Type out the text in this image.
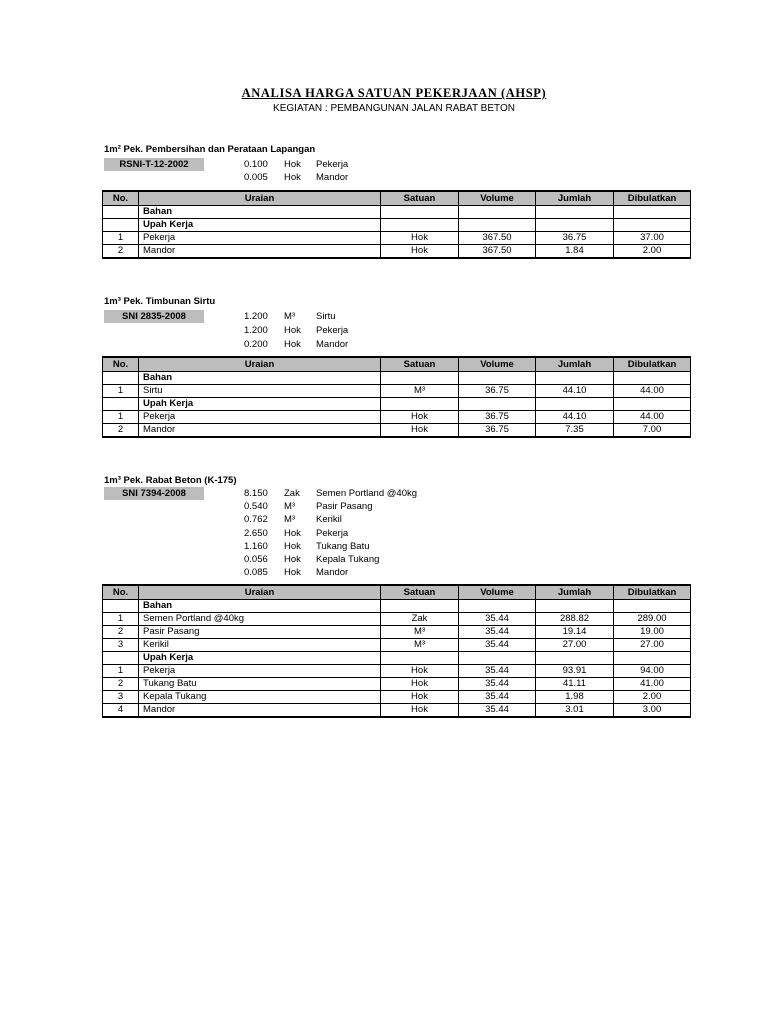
ANALISA HARGA SATUAN PEKERJAAN (AHSP)
KEGIATAN : PEMBANGUNAN JALAN RABAT BETON
1m² Pek. Pembersihan dan Perataan Lapangan
RSNI-T-12-2002	0.100	Hok	Pekerja
0.005	Hok	Mandor
No.	Uraian	Satuan	Volume	Jumlah	Dibulatkan
	Bahan				
	Upah Kerja				
1	Pekerja	Hok	367.50	36.75	37.00
2	Mandor	Hok	367.50	1.84	2.00
1m³ Pek. Timbunan Sirtu
SNI 2835-2008	1.200	M³	Sirtu
1.200	Hok	Pekerja
0.200	Hok	Mandor
No.	Uraian	Satuan	Volume	Jumlah	Dibulatkan
	Bahan				
1	Sirtu	M³	36.75	44.10	44.00
	Upah Kerja				
1	Pekerja	Hok	36.75	44.10	44.00
2	Mandor	Hok	36.75	7.35	7.00
1m³ Pek. Rabat Beton (K-175)
SNI 7394-2008	8.150	Zak	Semen Portland @40kg
0.540	M³	Pasir Pasang
0.762	M³	Kerikil
2.650	Hok	Pekerja
1.160	Hok	Tukang Batu
0.056	Hok	Kepala Tukang
0.085	Hok	Mandor
No.	Uraian	Satuan	Volume	Jumlah	Dibulatkan
	Bahan				
1	Semen Portland @40kg	Zak	35.44	288.82	289.00
2	Pasir Pasang	M³	35.44	19.14	19.00
3	Kerikil	M³	35.44	27.00	27.00
	Upah Kerja				
1	Pekerja	Hok	35.44	93.91	94.00
2	Tukang Batu	Hok	35.44	41.11	41.00
3	Kepala Tukang	Hok	35.44	1.98	2.00
4	Mandor	Hok	35.44	3.01	3.00
